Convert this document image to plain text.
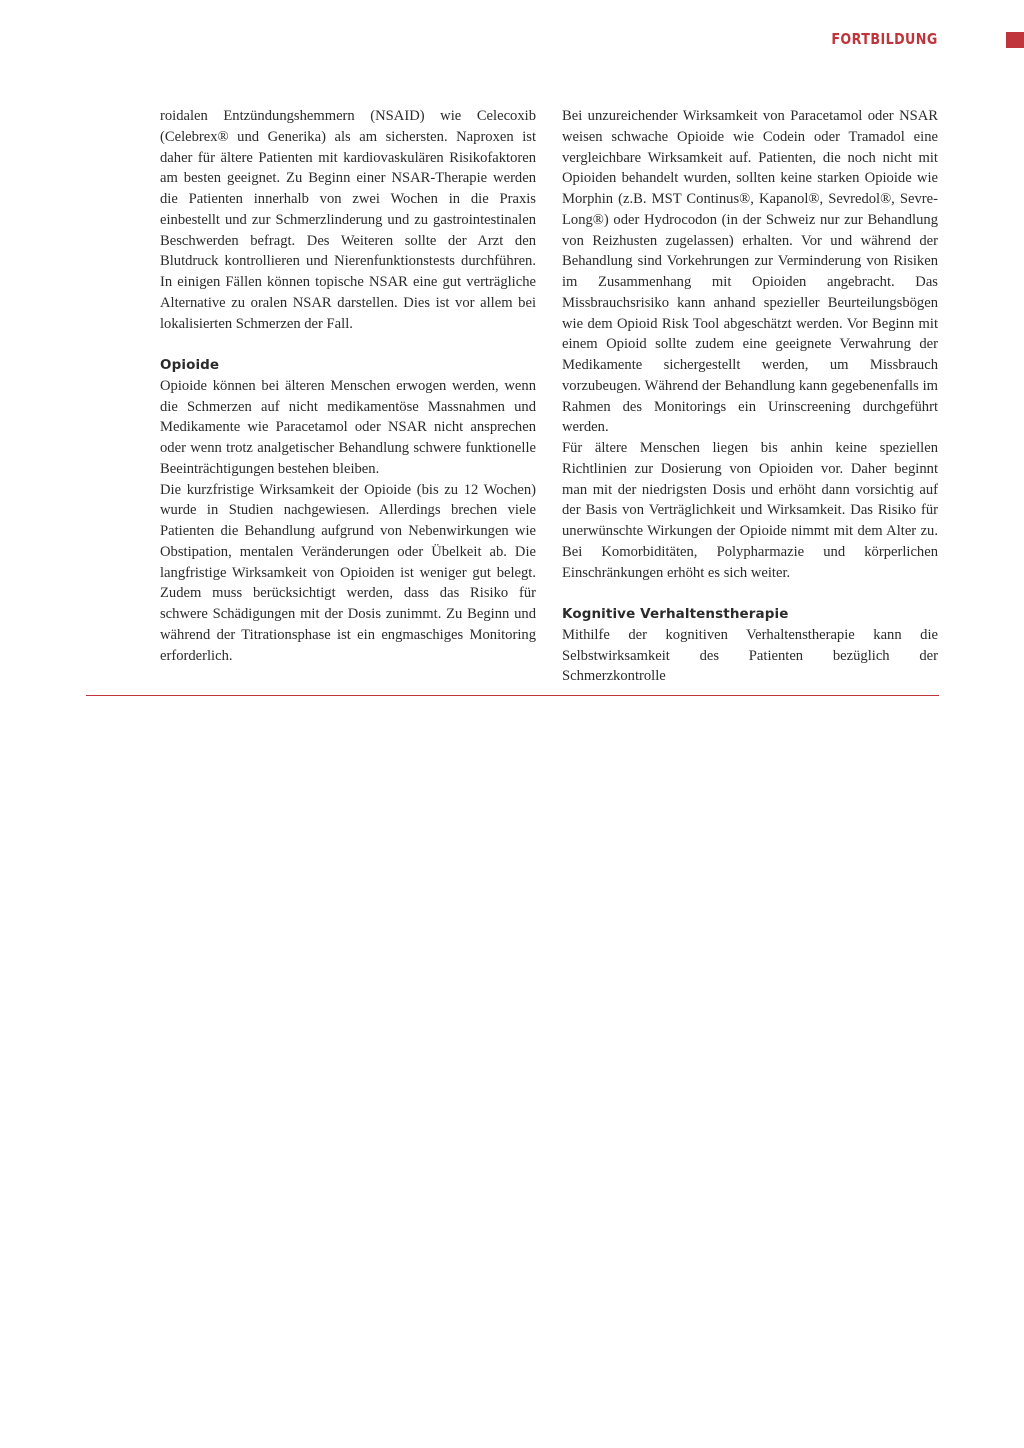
FORTBILDUNG

roidalen Entzündungshemmern (NSAID) wie Celecoxib (Celebrex® und Generika) als am sichersten. Naproxen ist daher für ältere Patienten mit kardiovaskulären Risikofaktoren am besten geeignet. Zu Beginn einer NSAR-Therapie werden die Patienten innerhalb von zwei Wochen in die Praxis einbestellt und zur Schmerzlinderung und zu gastrointestinalen Beschwerden befragt. Des Weiteren sollte der Arzt den Blutdruck kontrollieren und Nierenfunktionstests durchführen. In einigen Fällen können topische NSAR eine gut verträgliche Alternative zu oralen NSAR darstellen. Dies ist vor allem bei lokalisierten Schmerzen der Fall.

Opioide

Opioide können bei älteren Menschen erwogen werden, wenn die Schmerzen auf nicht medikamentöse Massnahmen und Medikamente wie Paracetamol oder NSAR nicht ansprechen oder wenn trotz analgetischer Behandlung schwere funktionelle Beeinträchtigungen bestehen bleiben.

Die kurzfristige Wirksamkeit der Opioide (bis zu 12 Wochen) wurde in Studien nachgewiesen. Allerdings brechen viele Patienten die Behandlung aufgrund von Nebenwirkungen wie Obstipation, mentalen Veränderungen oder Übelkeit ab. Die langfristige Wirksamkeit von Opioiden ist weniger gut belegt. Zudem muss berücksichtigt werden, dass das Risiko für schwere Schädigungen mit der Dosis zunimmt. Zu Beginn und während der Titrationsphase ist ein engmaschiges Monitoring erforderlich.

Bei unzureichender Wirksamkeit von Paracetamol oder NSAR weisen schwache Opioide wie Codein oder Tramadol eine vergleichbare Wirksamkeit auf. Patienten, die noch nicht mit Opioiden behandelt wurden, sollten keine starken Opioide wie Morphin (z.B. MST Continus®, Kapanol®, Sevredol®, Sevre-Long®) oder Hydrocodon (in der Schweiz nur zur Behandlung von Reizhusten zugelassen) erhalten. Vor und während der Behandlung sind Vorkehrungen zur Verminderung von Risiken im Zusammenhang mit Opioiden angebracht. Das Missbrauchsrisiko kann anhand spezieller Beurteilungsbögen wie dem Opioid Risk Tool abgeschätzt werden. Vor Beginn mit einem Opioid sollte zudem eine geeignete Verwahrung der Medikamente sichergestellt werden, um Missbrauch vorzubeugen. Während der Behandlung kann gegebenenfalls im Rahmen des Monitorings ein Urinscreening durchgeführt werden.

Für ältere Menschen liegen bis anhin keine speziellen Richtlinien zur Dosierung von Opioiden vor. Daher beginnt man mit der niedrigsten Dosis und erhöht dann vorsichtig auf der Basis von Verträglichkeit und Wirksamkeit. Das Risiko für unerwünschte Wirkungen der Opioide nimmt mit dem Alter zu. Bei Komorbiditäten, Polypharmazie und körperlichen Einschränkungen erhöht es sich weiter.

Kognitive Verhaltenstherapie

Mithilfe der kognitiven Verhaltenstherapie kann die Selbstwirksamkeit des Patienten bezüglich der Schmerzkontrolle
